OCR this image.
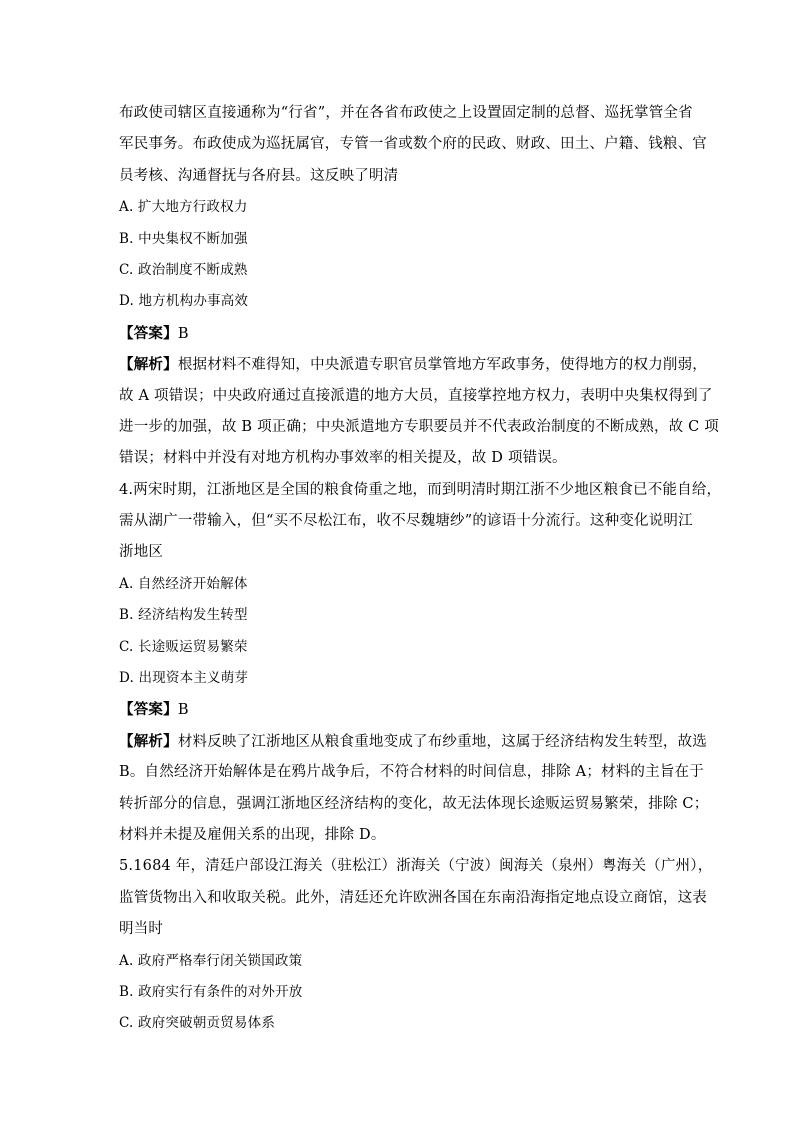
布政使司辖区直接通称为“行省”，并在各省布政使之上设置固定制的总督、巡抚掌管全省
军民事务。布政使成为巡抚属官，专管一省或数个府的民政、财政、田土、户籍、钱粮、官
员考核、沟通督抚与各府县。这反映了明清
A. 扩大地方行政权力
B. 中央集权不断加强
C. 政治制度不断成熟
D. 地方机构办事高效
【答案】B
【解析】根据材料不难得知，中央派遣专职官员掌管地方军政事务，使得地方的权力削弱，
故 A 项错误；中央政府通过直接派遣的地方大员，直接掌控地方权力，表明中央集权得到了
进一步的加强，故 B 项正确；中央派遣地方专职要员并不代表政治制度的不断成熟，故 C 项
错误；材料中并没有对地方机构办事效率的相关提及，故 D 项错误。
4.两宋时期，江浙地区是全国的粮食倚重之地，而到明清时期江浙不少地区粮食已不能自给，
需从湖广一带输入，但“买不尽松江布，收不尽魏塘纱”的谚语十分流行。这种变化说明江
浙地区
A. 自然经济开始解体
B. 经济结构发生转型
C. 长途贩运贸易繁荣
D. 出现资本主义萌芽
【答案】B
【解析】材料反映了江浙地区从粮食重地变成了布纱重地，这属于经济结构发生转型，故选
B。自然经济开始解体是在鸦片战争后，不符合材料的时间信息，排除 A；材料的主旨在于
转折部分的信息，强调江浙地区经济结构的变化，故无法体现长途贩运贸易繁荣，排除 C；
材料并未提及雇佣关系的出现，排除 D。
5.1684 年，清廷户部设江海关（驻松江）浙海关（宁波）闽海关（泉州）粤海关（广州），
监管货物出入和收取关税。此外，清廷还允许欧洲各国在东南沿海指定地点设立商馆，这表
明当时
A. 政府严格奉行闭关锁国政策
B. 政府实行有条件的对外开放
C. 政府突破朝贡贸易体系
